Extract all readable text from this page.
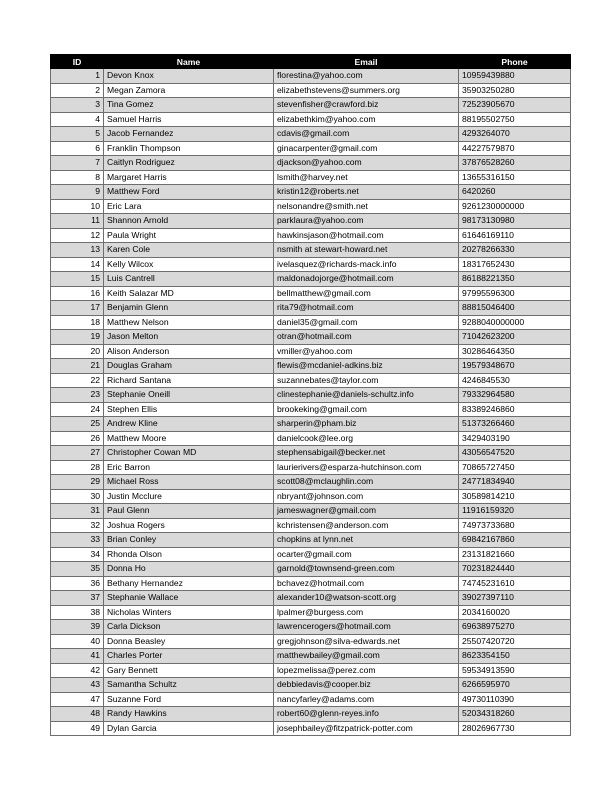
ID	Name	Email	Phone
1	Devon Knox	florestina@yahoo.com	10959439880
2	Megan Zamora	elizabethstevens@summers.org	35903250280
3	Tina Gomez	stevenfisher@crawford.biz	72523905670
4	Samuel Harris	elizabethkim@yahoo.com	88195502750
5	Jacob Fernandez	cdavis@gmail.com	4293264070
6	Franklin Thompson	ginacarpenter@gmail.com	44227579870
7	Caitlyn Rodriguez	djackson@yahoo.com	37876528260
8	Margaret Harris	lsmith@harvey.net	13655316150
9	Matthew Ford	kristin12@roberts.net	6420260
10	Eric Lara	nelsonandre@smith.net	9261230000000
11	Shannon Arnold	parklaura@yahoo.com	98173130980
12	Paula Wright	hawkinsjason@hotmail.com	61646169110
13	Karen Cole	nsmith at stewart-howard.net	20278266330
14	Kelly Wilcox	ivelasquez@richards-mack.info	18317652430
15	Luis Cantrell	maldonadojorge@hotmail.com	86188221350
16	Keith Salazar MD	bellmatthew@gmail.com	97995596300
17	Benjamin Glenn	rita79@hotmail.com	88815046400
18	Matthew Nelson	daniel35@gmail.com	9288040000000
19	Jason Melton	otran@hotmail.com	71042623200
20	Alison Anderson	vmiller@yahoo.com	30286464350
21	Douglas Graham	flewis@mcdaniel-adkins.biz	19579348670
22	Richard Santana	suzannebates@taylor.com	4246845530
23	Stephanie Oneill	clinestephanie@daniels-schultz.info	79332964580
24	Stephen Ellis	brookeking@gmail.com	83389246860
25	Andrew Kline	sharperin@pham.biz	51373266460
26	Matthew Moore	danielcook@lee.org	3429403190
27	Christopher Cowan MD	stephensabigail@becker.net	43056547520
28	Eric Barron	laurierivers@esparza-hutchinson.com	70865727450
29	Michael Ross	scott08@mclaughlin.com	24771834940
30	Justin Mcclure	nbryant@johnson.com	30589814210
31	Paul Glenn	jameswagner@gmail.com	11916159320
32	Joshua Rogers	kchristensen@anderson.com	74973733680
33	Brian Conley	chopkins at lynn.net	69842167860
34	Rhonda Olson	ocarter@gmail.com	23131821660
35	Donna Ho	garnold@townsend-green.com	70231824440
36	Bethany Hernandez	bchavez@hotmail.com	74745231610
37	Stephanie Wallace	alexander10@watson-scott.org	39027397110
38	Nicholas Winters	lpalmer@burgess.com	2034160020
39	Carla Dickson	lawrencerogers@hotmail.com	69638975270
40	Donna Beasley	gregjohnson@silva-edwards.net	25507420720
41	Charles Porter	matthewbailey@gmail.com	8623354150
42	Gary Bennett	lopezmelissa@perez.com	59534913590
43	Samantha Schultz	debbiedavis@cooper.biz	6266595970
47	Suzanne Ford	nancyfarley@adams.com	49730110390
48	Randy Hawkins	robert60@glenn-reyes.info	52034318260
49	Dylan Garcia	josephbailey@fitzpatrick-potter.com	28026967730
